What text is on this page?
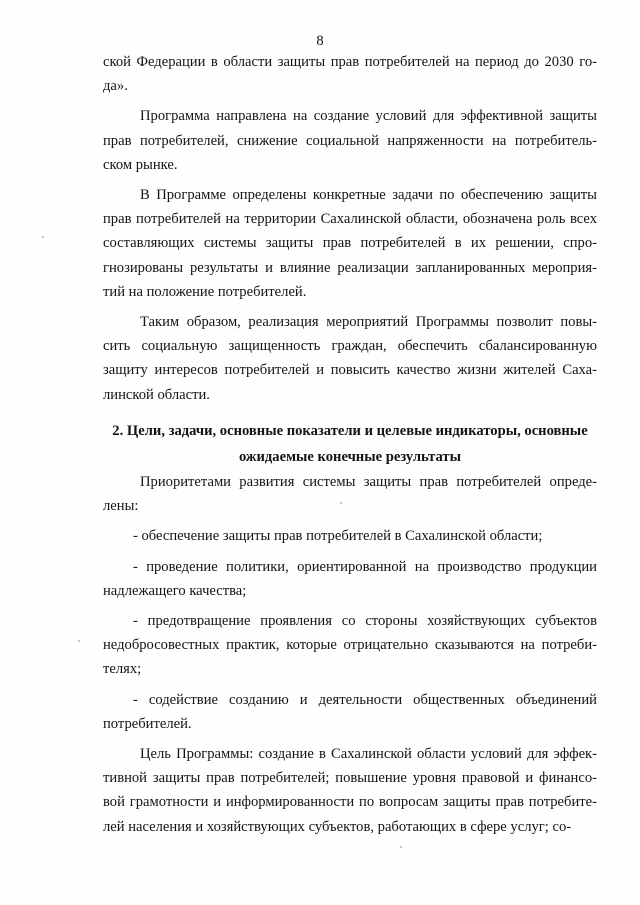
8

ской Федерации в области защиты прав потребителей на период до 2030 го-да».

Программа направлена на создание условий для эффективной защиты прав потребителей, снижение социальной напряженности на потребитель-ском рынке.

В Программе определены конкретные задачи по обеспечению защиты прав потребителей на территории Сахалинской области, обозначена роль всех составляющих системы защиты прав потребителей в их решении, спро-гнозированы результаты и влияние реализации запланированных мероприя-тий на положение потребителей.

Таким образом, реализация мероприятий Программы позволит повы-сить социальную защищенность граждан, обеспечить сбалансированную защиту интересов потребителей и повысить качество жизни жителей Саха-линской области.

2. Цели, задачи, основные показатели и целевые индикаторы, основные
ожидаемые конечные результаты

Приоритетами развития системы защиты прав потребителей опреде-лены:

- обеспечение защиты прав потребителей в Сахалинской области;

- проведение политики, ориентированной на производство продукции надлежащего качества;

- предотвращение проявления со стороны хозяйствующих субъектов недобросовестных практик, которые отрицательно сказываются на потреби-телях;

- содействие созданию и деятельности общественных объединений потребителей.

Цель Программы: создание в Сахалинской области условий для эффек-тивной защиты прав потребителей; повышение уровня правовой и финансо-вой грамотности и информированности по вопросам защиты прав потребите-лей населения и хозяйствующих субъектов, работающих в сфере услуг; со-
